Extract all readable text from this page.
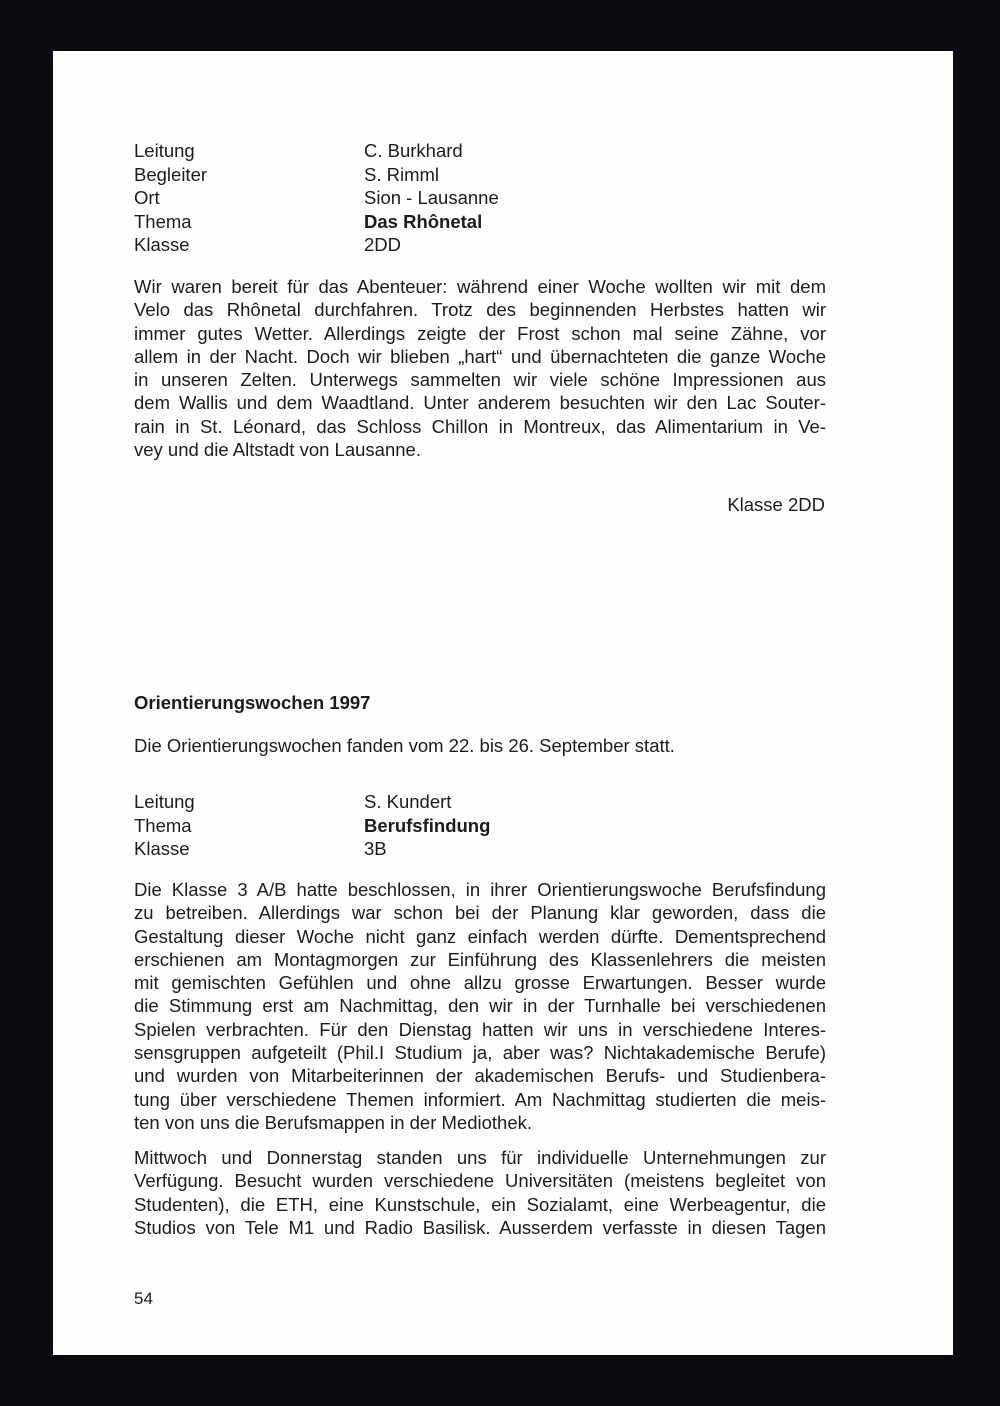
Leitung	C. Burkhard
Begleiter	S. Rimml
Ort	Sion - Lausanne
Thema	Das Rhônetal
Klasse	2DD
Wir waren bereit für das Abenteuer: während einer Woche wollten wir mit dem
Velo das Rhônetal durchfahren. Trotz des beginnenden Herbstes hatten wir
immer gutes Wetter. Allerdings zeigte der Frost schon mal seine Zähne, vor
allem in der Nacht. Doch wir blieben „hart“ und übernachteten die ganze Woche
in unseren Zelten. Unterwegs sammelten wir viele schöne Impressionen aus
dem Wallis und dem Waadtland. Unter anderem besuchten wir den Lac Souter-
rain in St. Léonard, das Schloss Chillon in Montreux, das Alimentarium in Ve-
vey und die Altstadt von Lausanne.
Klasse 2DD
Orientierungswochen 1997
Die Orientierungswochen fanden vom 22. bis 26. September statt.
Leitung	S. Kundert
Thema	Berufsfindung
Klasse	3B
Die Klasse 3 A/B hatte beschlossen, in ihrer Orientierungswoche Berufsfindung
zu betreiben. Allerdings war schon bei der Planung klar geworden, dass die
Gestaltung dieser Woche nicht ganz einfach werden dürfte. Dementsprechend
erschienen am Montagmorgen zur Einführung des Klassenlehrers die meisten
mit gemischten Gefühlen und ohne allzu grosse Erwartungen. Besser wurde
die Stimmung erst am Nachmittag, den wir in der Turnhalle bei verschiedenen
Spielen verbrachten. Für den Dienstag hatten wir uns in verschiedene Interes-
sensgruppen aufgeteilt (Phil.I Studium ja, aber was? Nichtakademische Berufe)
und wurden von Mitarbeiterinnen der akademischen Berufs- und Studienbera-
tung über verschiedene Themen informiert. Am Nachmittag studierten die meis-
ten von uns die Berufsmappen in der Mediothek.
Mittwoch und Donnerstag standen uns für individuelle Unternehmungen zur
Verfügung. Besucht wurden verschiedene Universitäten (meistens begleitet von
Studenten), die ETH, eine Kunstschule, ein Sozialamt, eine Werbeagentur, die
Studios von Tele M1 und Radio Basilisk. Ausserdem verfasste in diesen Tagen
54
